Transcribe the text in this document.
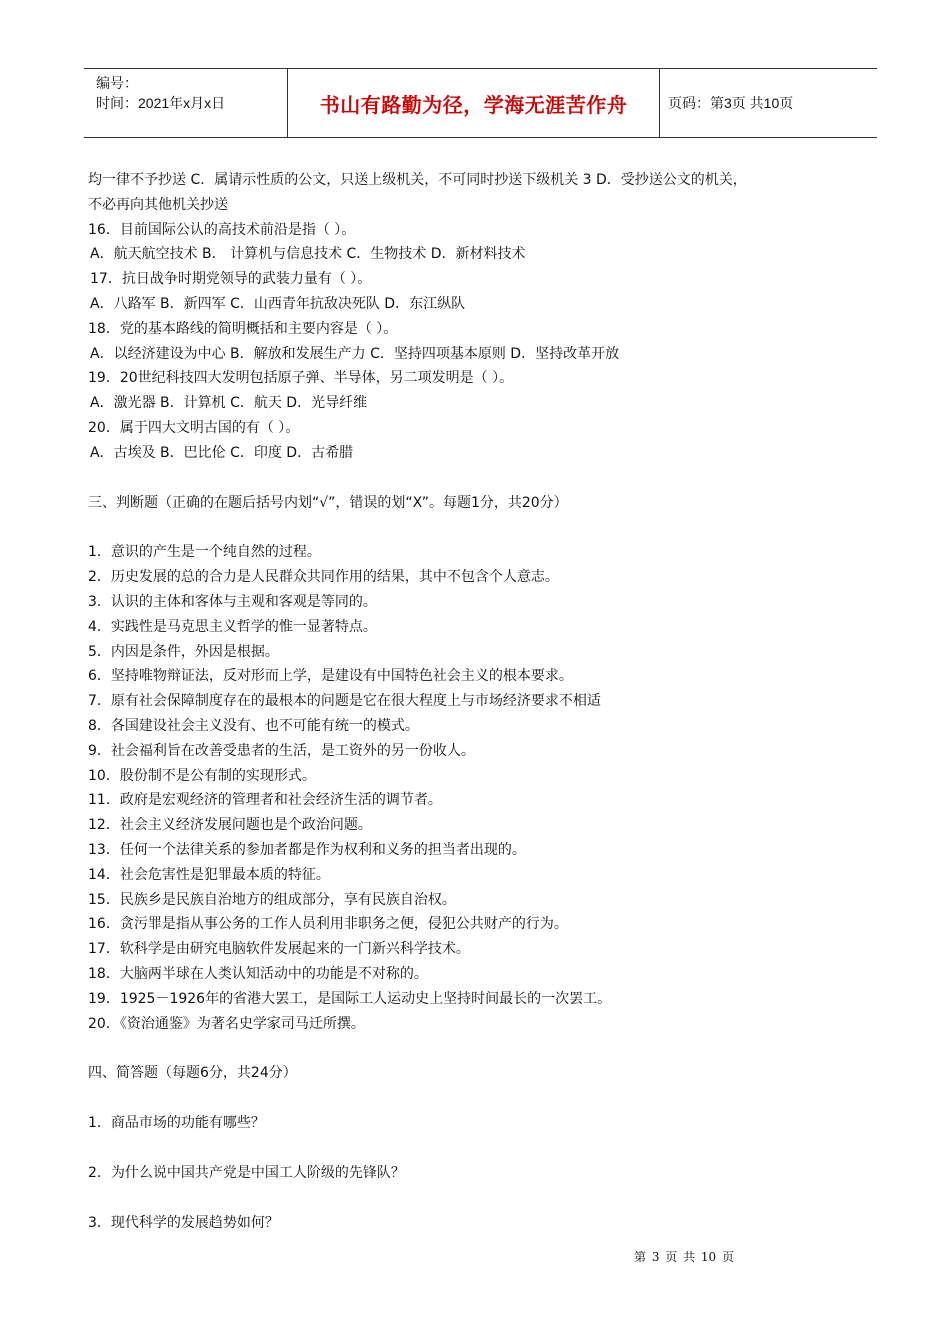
编号：
时间：2021年x月x日	书山有路勤为径，学海无涯苦作舟	页码：第3页 共10页
均一律不予抄送 C．属请示性质的公文，只送上级机关，不可同时抄送下级机关 3 D．受抄送公文的机关，
不必再向其他机关抄送
16．目前国际公认的高技术前沿是指（ ）。
A．航天航空技术 B． 计算机与信息技术 C．生物技术 D．新材料技术
17．抗日战争时期党领导的武装力量有（ ）。
A．八路军 B．新四军 C．山西青年抗敌决死队 D．东江纵队
18．党的基本路线的简明概括和主要内容是（ ）。
A．以经济建设为中心 B．解放和发展生产力 C．坚持四项基本原则 D．坚持改革开放
19．20世纪科技四大发明包括原子弹、半导体，另二项发明是（ ）。
A．激光器 B．计算机 C．航天 D．光导纤维
20．属于四大文明古国的有（ ）。
A．古埃及 B．巴比伦 C．印度 D．古希腊
三、判断题（正确的在题后括号内划“√”，错误的划“X”。每题1分，共20分）
1．意识的产生是一个纯自然的过程。
2．历史发展的总的合力是人民群众共同作用的结果，其中不包含个人意志。
3．认识的主体和客体与主观和客观是等同的。
4．实践性是马克思主义哲学的惟一显著特点。
5．内因是条件，外因是根据。
6．坚持唯物辩证法，反对形而上学，是建设有中国特色社会主义的根本要求。
7．原有社会保障制度存在的最根本的问题是它在很大程度上与市场经济要求不相适
8．各国建设社会主义没有、也不可能有统一的模式。
9．社会福利旨在改善受患者的生活，是工资外的另一份收人。
10．股份制不是公有制的实现形式。
11．政府是宏观经济的管理者和社会经济生活的调节者。
12．社会主义经济发展问题也是个政治问题。
13．任何一个法律关系的参加者都是作为权利和义务的担当者出现的。
14．社会危害性是犯罪最本质的特征。
15．民族乡是民族自治地方的组成部分，享有民族自治权。
16．贪污罪是指从事公务的工作人员利用非职务之便，侵犯公共财产的行为。
17．软科学是由研究电脑软件发展起来的一门新兴科学技术。
18．大脑两半球在人类认知活动中的功能是不对称的。
19．1925－1926年的省港大罢工，是国际工人运动史上坚持时间最长的一次罢工。
20．《资治通鉴》为著名史学家司马迁所撰。
四、简答题（每题6分，共24分）
1．商品市场的功能有哪些？
2．为什么说中国共产党是中国工人阶级的先锋队？
3．现代科学的发展趋势如何？
第 3 页 共 10 页
